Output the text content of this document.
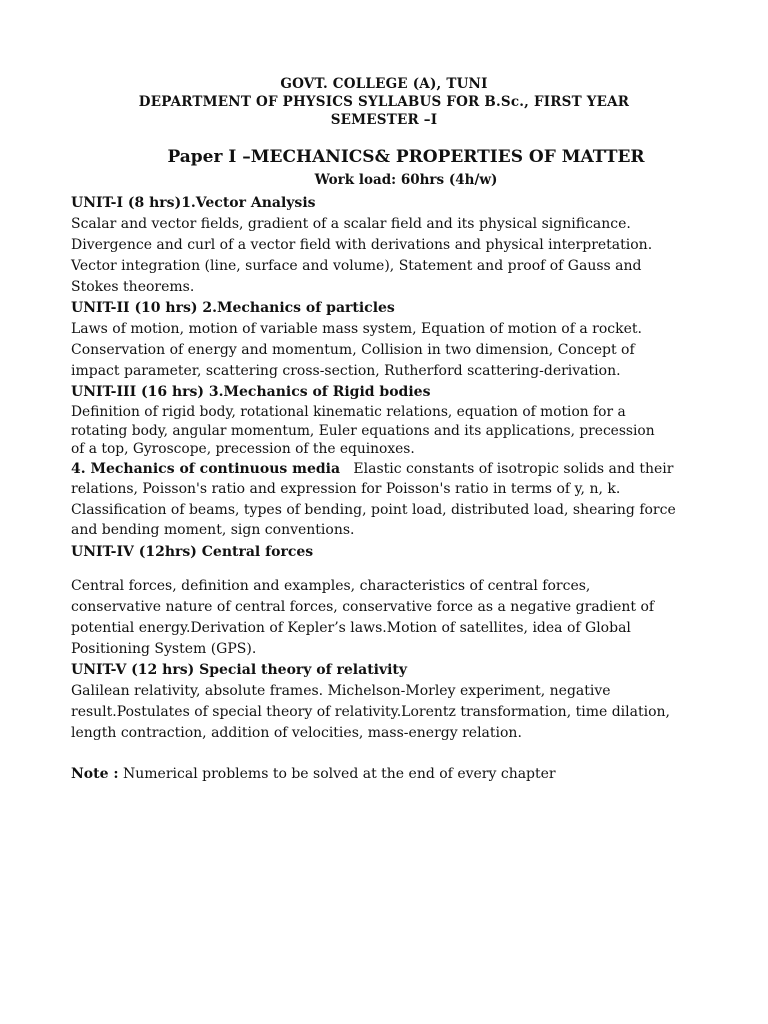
GOVT. COLLEGE (A), TUNI
DEPARTMENT OF PHYSICS SYLLABUS FOR B.Sc., FIRST YEAR
SEMESTER –I
Paper I –MECHANICS& PROPERTIES OF MATTER
Work load: 60hrs (4h/w)

UNIT-I (8 hrs)1.Vector Analysis

Scalar and vector fields, gradient of a scalar field and its physical significance.
Divergence and curl of a vector field with derivations and physical interpretation.
Vector integration (line, surface and volume), Statement and proof of Gauss and
Stokes theorems.

UNIT-II (10 hrs) 2.Mechanics of particles

Laws of motion, motion of variable mass system, Equation of motion of a rocket.
Conservation of energy and momentum, Collision in two dimension, Concept of
impact parameter, scattering cross-section, Rutherford scattering-derivation.

UNIT-III (16 hrs) 3.Mechanics of Rigid bodies

Definition of rigid body, rotational kinematic relations, equation of motion for a
rotating body, angular momentum, Euler equations and its applications, precession
of a top, Gyroscope, precession of the equinoxes.

4. Mechanics of continuous media Elastic constants of isotropic solids and their
relations, Poisson's ratio and expression for Poisson's ratio in terms of y, n, k.
Classification of beams, types of bending, point load, distributed load, shearing force
and bending moment, sign conventions.

UNIT-IV (12hrs) Central forces

Central forces, definition and examples, characteristics of central forces,
conservative nature of central forces, conservative force as a negative gradient of
potential energy.Derivation of Kepler’s laws.Motion of satellites, idea of Global
Positioning System (GPS).

UNIT-V (12 hrs) Special theory of relativity

Galilean relativity, absolute frames. Michelson-Morley experiment, negative
result.Postulates of special theory of relativity.Lorentz transformation, time dilation,
length contraction, addition of velocities, mass-energy relation.

Note : Numerical problems to be solved at the end of every chapter
